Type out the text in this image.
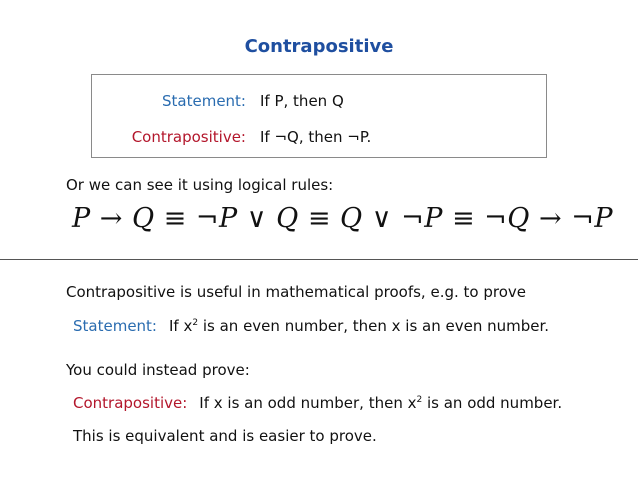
Contrapositive
Statement: If P, then Q
Contrapositive: If ¬Q, then ¬P.
Or we can see it using logical rules:
P → Q ≡ ¬P ∨ Q ≡ Q ∨ ¬P ≡ ¬Q → ¬P
Contrapositive is useful in mathematical proofs, e.g. to prove
Statement: If $x^2$ is an even number, then x is an even number.
You could instead prove:
Contrapositive: If x is an odd number, then $x^2$ is an odd number.
This is equivalent and is easier to prove.
